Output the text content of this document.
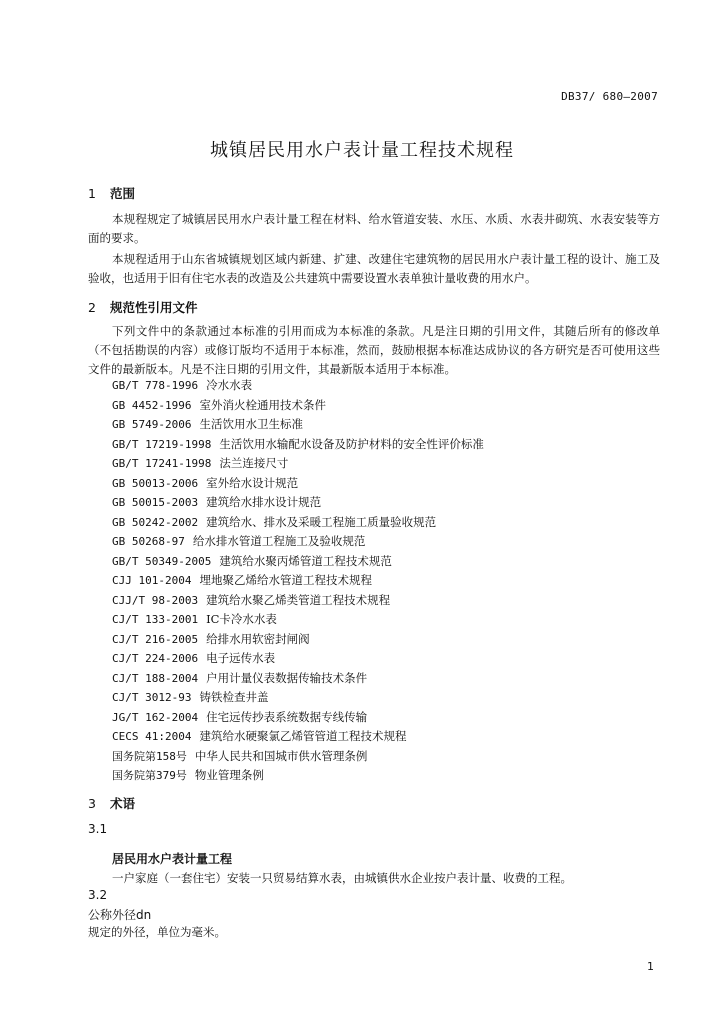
DB37/ 680—2007
城镇居民用水户表计量工程技术规程
1 范围
本规程规定了城镇居民用水户表计量工程在材料、给水管道安装、水压、水质、水表井砌筑、水表安装等方面的要求。
本规程适用于山东省城镇规划区域内新建、扩建、改建住宅建筑物的居民用水户表计量工程的设计、施工及验收，也适用于旧有住宅水表的改造及公共建筑中需要设置水表单独计量收费的用水户。
2 规范性引用文件
下列文件中的条款通过本标准的引用而成为本标准的条款。凡是注日期的引用文件，其随后所有的修改单（不包括勘误的内容）或修订版均不适用于本标准，然而，鼓励根据本标准达成协议的各方研究是否可使用这些文件的最新版本。凡是不注日期的引用文件，其最新版本适用于本标准。
GB/T 778-1996 冷水水表
GB 4452-1996 室外消火栓通用技术条件
GB 5749-2006 生活饮用水卫生标准
GB/T 17219-1998 生活饮用水输配水设备及防护材料的安全性评价标准
GB/T 17241-1998 法兰连接尺寸
GB 50013-2006 室外给水设计规范
GB 50015-2003 建筑给水排水设计规范
GB 50242-2002 建筑给水、排水及采暖工程施工质量验收规范
GB 50268-97 给水排水管道工程施工及验收规范
GB/T 50349-2005 建筑给水聚丙烯管道工程技术规范
CJJ 101-2004 埋地聚乙烯给水管道工程技术规程
CJJ/T 98-2003 建筑给水聚乙烯类管道工程技术规程
CJ/T 133-2001 IC卡冷水水表
CJ/T 216-2005 给排水用软密封闸阀
CJ/T 224-2006 电子远传水表
CJ/T 188-2004 户用计量仪表数据传输技术条件
CJ/T 3012-93 铸铁检查井盖
JG/T 162-2004 住宅远传抄表系统数据专线传输
CECS 41:2004 建筑给水硬聚氯乙烯管管道工程技术规程
国务院第158号 中华人民共和国城市供水管理条例
国务院第379号 物业管理条例
3 术语
3.1
居民用水户表计量工程
一户家庭（一套住宅）安装一只贸易结算水表，由城镇供水企业按户表计量、收费的工程。
3.2
公称外径dn
规定的外径，单位为毫米。
1
